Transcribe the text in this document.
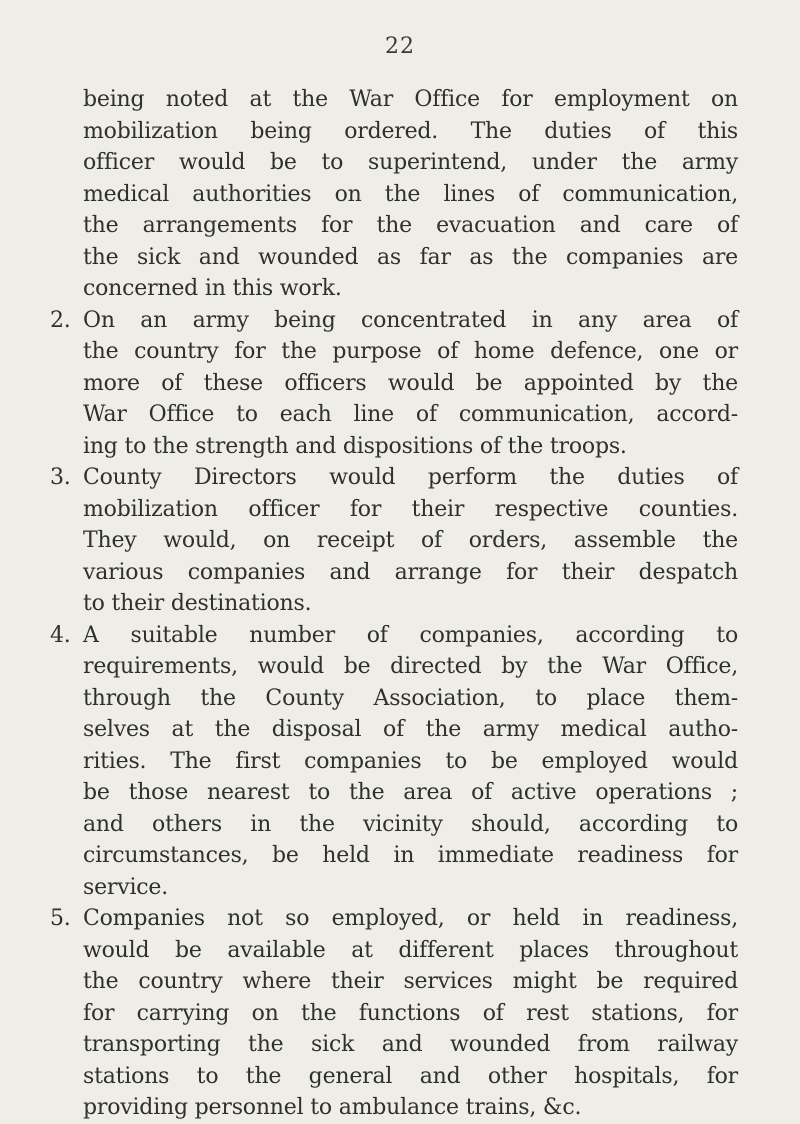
22
being noted at the War Office for employment on
mobilization being ordered. The duties of this
officer would be to superintend, under the army
medical authorities on the lines of communication,
the arrangements for the evacuation and care of
the sick and wounded as far as the companies are
concerned in this work.
2. On an army being concentrated in any area of
the country for the purpose of home defence, one or
more of these officers would be appointed by the
War Office to each line of communication, accord-
ing to the strength and dispositions of the troops.
3. County Directors would perform the duties of
mobilization officer for their respective counties.
They would, on receipt of orders, assemble the
various companies and arrange for their despatch
to their destinations.
4. A suitable number of companies, according to
requirements, would be directed by the War Office,
through the County Association, to place them-
selves at the disposal of the army medical autho-
rities. The first companies to be employed would
be those nearest to the area of active operations ;
and others in the vicinity should, according to
circumstances, be held in immediate readiness for
service.
5. Companies not so employed, or held in readiness,
would be available at different places throughout
the country where their services might be required
for carrying on the functions of rest stations, for
transporting the sick and wounded from railway
stations to the general and other hospitals, for
providing personnel to ambulance trains, &c.
